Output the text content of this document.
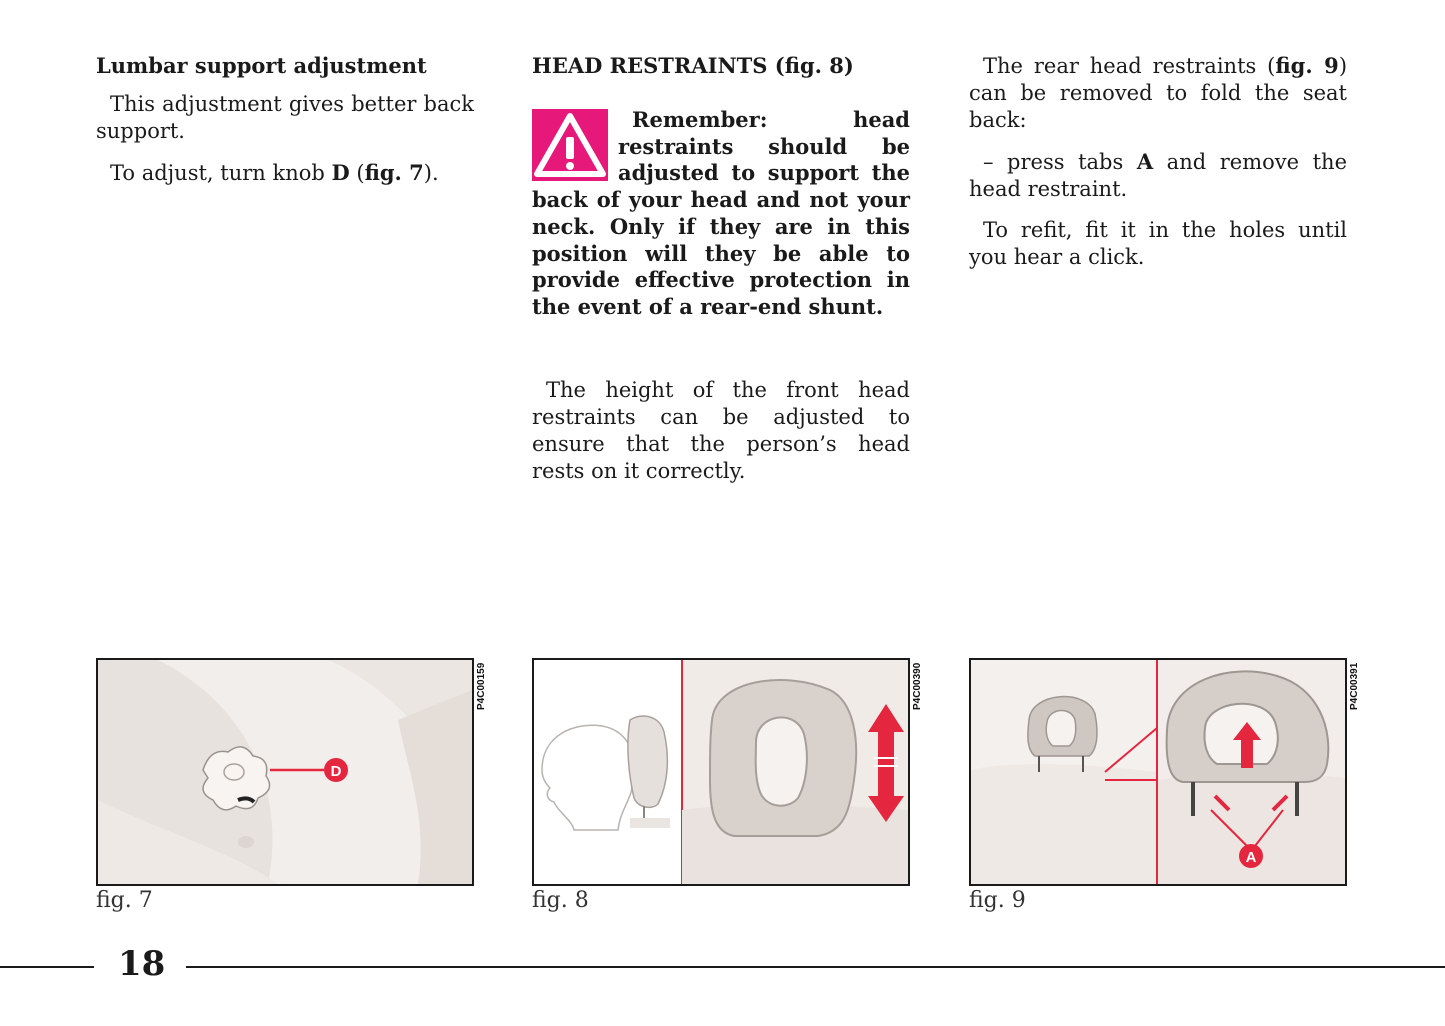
Lumbar support adjustment

This adjustment gives better back support.

To adjust, turn knob D (fig. 7).

HEAD RESTRAINTS (fig. 8)

Remember: head restraints should be adjusted to support the back of your head and not your neck. Only if they are in this position will they be able to provide effective protection in the event of a rear-end shunt.

The height of the front head restraints can be adjusted to ensure that the person’s head rests on it correctly.

The rear head restraints (fig. 9) can be removed to fold the seat back:

– press tabs A and remove the head restraint.

To refit, fit it in the holes until you hear a click.

D
P4C00159
fig. 7
P4C00390
fig. 8
A
P4C00391
fig. 9
18
